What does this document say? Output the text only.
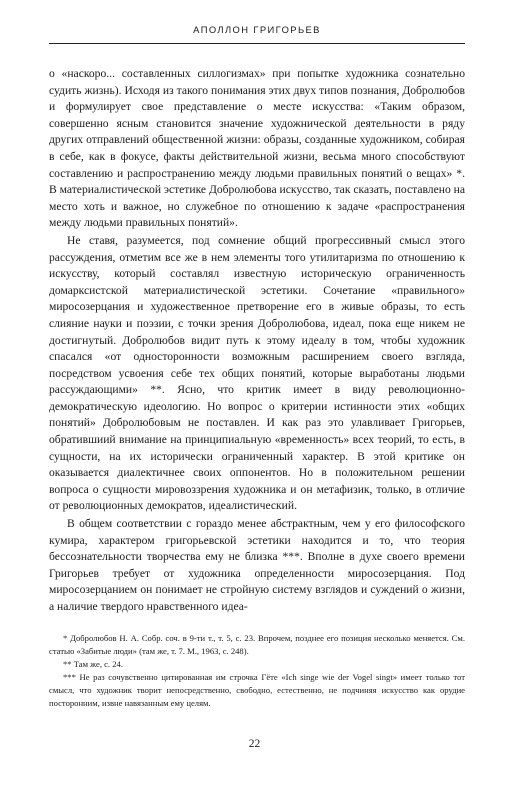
АПОЛЛОН ГРИГОРЬЕВ

о «наскоро... составленных силлогизмах» при попытке художника сознательно судить жизнь). Исходя из такого понимания этих двух типов познания, Добролюбов и формулирует свое представление о месте искусства: «Таким образом, совершенно ясным становится значение художнической деятельности в ряду других отправлений общественной жизни: образы, созданные художником, собирая в себе, как в фокусе, факты действительной жизни, весьма много способствуют составлению и распространению между людьми правильных понятий о вещах» *. В материалистической эстетике Добролюбова искусство, так сказать, поставлено на место хоть и важное, но служебное по отношению к задаче «распространения между людьми правильных понятий».

Не ставя, разумеется, под сомнение общий прогрессивный смысл этого рассуждения, отметим все же в нем элементы того утилитаризма по отношению к искусству, который составлял известную историческую ограниченность домарксистской материалистической эстетики. Сочетание «правильного» миросозерцания и художественное претворение его в живые образы, то есть слияние науки и поэзии, с точки зрения Добролюбова, идеал, пока еще никем не достигнутый. Добролюбов видит путь к этому идеалу в том, чтобы художник спасался «от односторонности возможным расширением своего взгляда, посредством усвоения себе тех общих понятий, которые выработаны людьми рассуждающими» **. Ясно, что критик имеет в виду революционно-демократическую идеологию. Но вопрос о критерии истинности этих «общих понятий» Добролюбовым не поставлен. И как раз это улавливает Григорьев, обратившиий внимание на принципиальную «временность» всех теорий, то есть, в сущности, на их исторически ограниченный характер. В этой критике он оказывается диалектичнее своих оппонентов. Но в положительном решении вопроса о сущности мировоззрения художника и он метафизик, только, в отличие от революционных демократов, идеалистический.

В общем соответствии с гораздо менее абстрактным, чем у его философского кумира, характером григорьевской эстетики находится и то, что теория бессознательности творчества ему не близка ***. Вполне в духе своего времени Григорьев требует от художника определенности миросозерцания. Под миросозерцанием он понимает не стройную систему взглядов и суждений о жизни, а наличие твердого нравственного идеа-

* Добролюбов Н. А. Собр. соч. в 9-ти т., т. 5, с. 23. Впрочем, позднее его позиция несколько меняется. См. статью «Забитые люди» (там же, т. 7. М., 1963, с. 248).

** Там же, с. 24.

*** Не раз сочувственно цитированная им строчка Гёте «Ich singe wie der Vogel singt» имеет только тот смысл, что художник творит непосредственно, свободно, естественно, не подчиняя искусство как орудие посторонним, извне навязанным ему целям.

22
